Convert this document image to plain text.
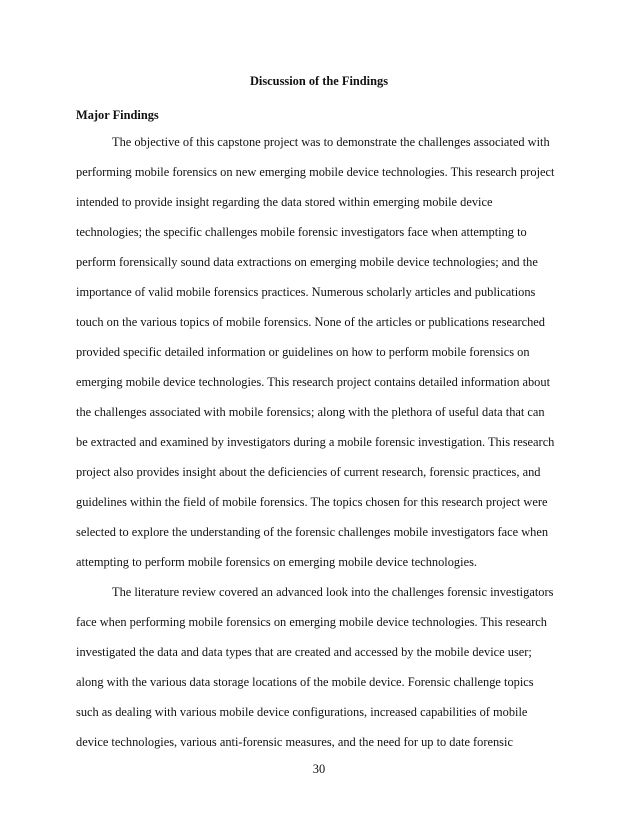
Discussion of the Findings
Major Findings
The objective of this capstone project was to demonstrate the challenges associated with
performing mobile forensics on new emerging mobile device technologies. This research project
intended to provide insight regarding the data stored within emerging mobile device
technologies; the specific challenges mobile forensic investigators face when attempting to
perform forensically sound data extractions on emerging mobile device technologies; and the
importance of valid mobile forensics practices. Numerous scholarly articles and publications
touch on the various topics of mobile forensics. None of the articles or publications researched
provided specific detailed information or guidelines on how to perform mobile forensics on
emerging mobile device technologies. This research project contains detailed information about
the challenges associated with mobile forensics; along with the plethora of useful data that can
be extracted and examined by investigators during a mobile forensic investigation. This research
project also provides insight about the deficiencies of current research, forensic practices, and
guidelines within the field of mobile forensics. The topics chosen for this research project were
selected to explore the understanding of the forensic challenges mobile investigators face when
attempting to perform mobile forensics on emerging mobile device technologies.
The literature review covered an advanced look into the challenges forensic investigators
face when performing mobile forensics on emerging mobile device technologies. This research
investigated the data and data types that are created and accessed by the mobile device user;
along with the various data storage locations of the mobile device. Forensic challenge topics
such as dealing with various mobile device configurations, increased capabilities of mobile
device technologies, various anti-forensic measures, and the need for up to date forensic
30
